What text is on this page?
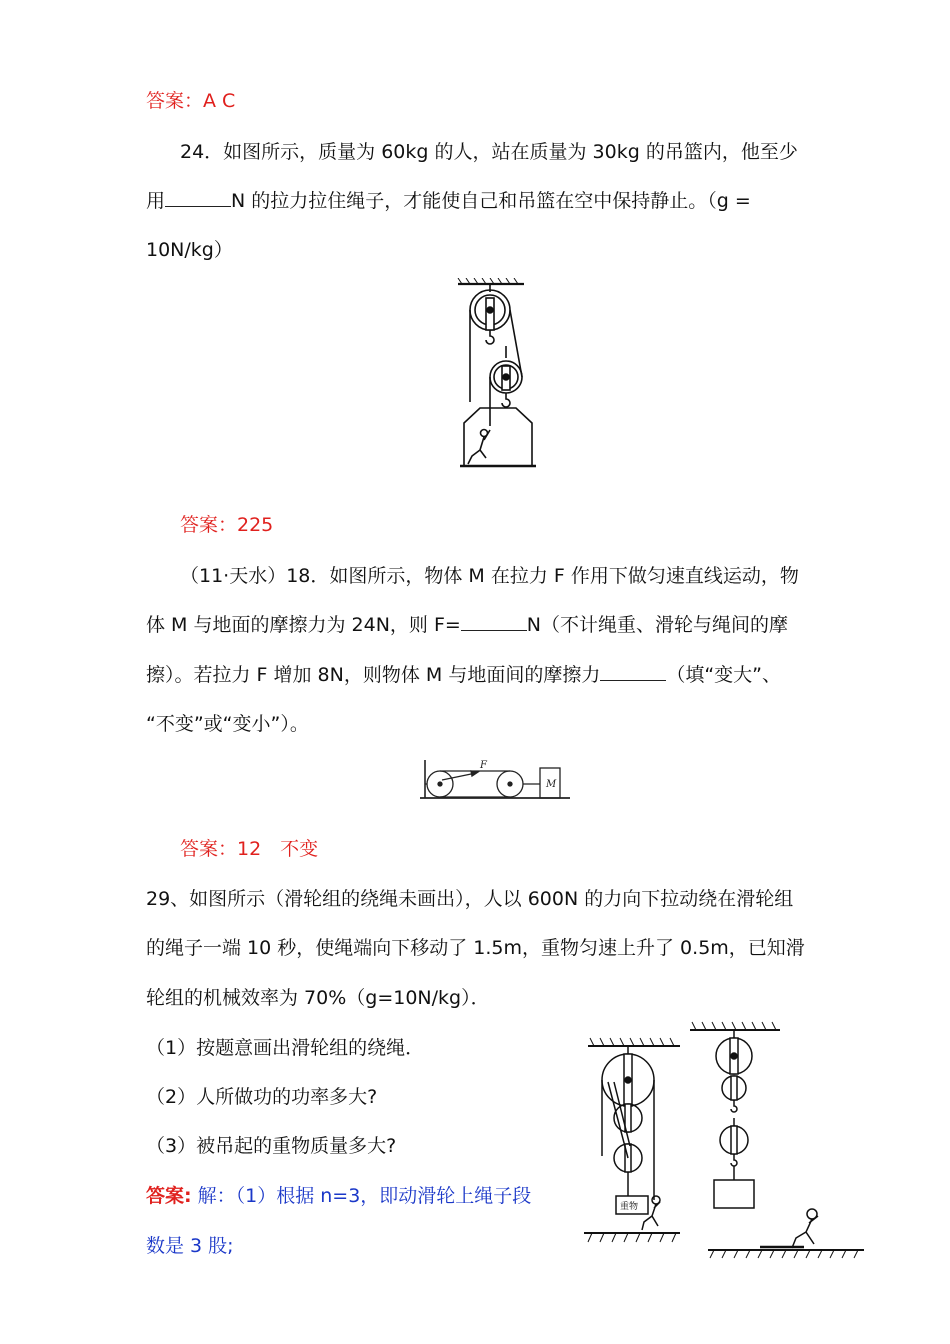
答案：A C
24．如图所示，质量为 60kg 的人，站在质量为 30kg 的吊篮内，他至少
用	N 的拉力拉住绳子，才能使自己和吊篮在空中保持静止。（g =
10N/kg）
答案：225
（11·天水）18．如图所示，物体 M 在拉力 F 作用下做匀速直线运动，物
体 M 与地面的摩擦力为 24N，则 F=	N（不计绳重、滑轮与绳间的摩
擦）。若拉力 F 增加 8N，则物体 M 与地面间的摩擦力	（填“变大”、
“不变”或“变小”）。
F
M
答案：12　不变
29、如图所示（滑轮组的绕绳未画出），人以 600N 的力向下拉动绕在滑轮组
的绳子一端 10 秒，使绳端向下移动了 1.5m，重物匀速上升了 0.5m，已知滑
轮组的机械效率为 70%（g=10N/kg）．
（1）按题意画出滑轮组的绕绳．
（2）人所做功的功率多大?
（3）被吊起的重物质量多大?
答案: 解：（1）根据 n=3，即动滑轮上绳子段
数是 3 股;
重物
